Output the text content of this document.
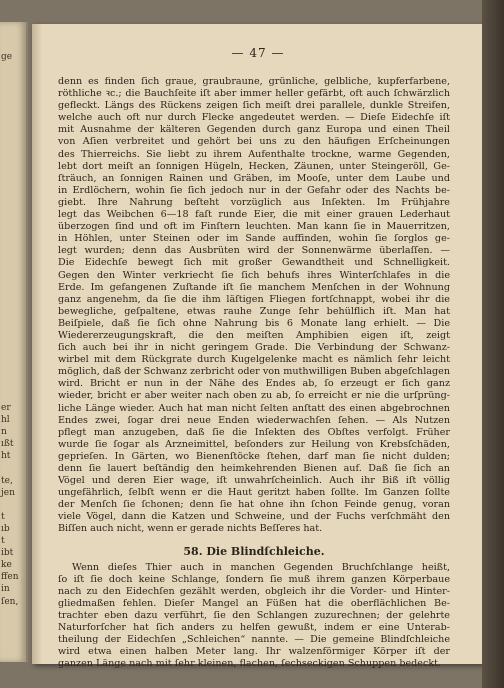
ge
er
hl
n
ıßt
ht
te,
jen
t
ıb
t
ibt
ke
ffen
in
ſen,
— 47 —
denn es finden ſich graue, graubraune, grünliche, gelbliche, kupferfarbene,
röthliche ꝛc.; die Bauchſeite iſt aber immer heller gefärbt, oft auch ſchwärzlich
gefleckt. Längs des Rückens zeigen ſich meiſt drei parallele, dunkle Streifen,
welche auch oft nur durch Flecke angedeutet werden. — Dieſe Eidechſe iſt
mit Ausnahme der kälteren Gegenden durch ganz Europa und einen Theil
von Aſien verbreitet und gehört bei uns zu den häufigen Erſcheinungen
des Thierreichs. Sie liebt zu ihrem Aufenthalte trockne, warme Gegenden,
lebt dort meiſt an ſonnigen Hügeln, Hecken, Zäunen, unter Steingeröll, Ge-
ſträuch, an ſonnigen Rainen und Gräben, im Mooſe, unter dem Laube und
in Erdlöchern, wohin ſie ſich jedoch nur in der Gefahr oder des Nachts be-
giebt. Ihre Nahrung beſteht vorzüglich aus Inſekten. Im Frühjahre
legt das Weibchen 6—18 faſt runde Eier, die mit einer grauen Lederhaut
überzogen ſind und oft im Finſtern leuchten. Man kann ſie in Mauerritzen,
in Höhlen, unter Steinen oder im Sande auffinden, wohin ſie ſorglos ge-
legt wurden; denn das Ausbrüten wird der Sonnenwärme überlaſſen. —
Die Eidechſe bewegt ſich mit großer Gewandtheit und Schnelligkeit.
Gegen den Winter verkriecht ſie ſich behufs ihres Winterſchlafes in die
Erde. Im gefangenen Zuſtande iſt ſie manchem Menſchen in der Wohnung
ganz angenehm, da ſie die ihm läſtigen Fliegen fortſchnappt, wobei ihr die
bewegliche, geſpaltene, etwas rauhe Zunge ſehr behülflich iſt. Man hat
Beiſpiele, daß ſie ſich ohne Nahrung bis 6 Monate lang erhielt. — Die
Wiedererzeugungskraft, die den meiſten Amphibien eigen iſt, zeigt
ſich auch bei ihr in nicht geringem Grade. Die Verbindung der Schwanz-
wirbel mit dem Rückgrate durch Kugelgelenke macht es nämlich ſehr leicht
möglich, daß der Schwanz zerbricht oder von muthwilligen Buben abgeſchlagen
wird. Bricht er nun in der Nähe des Endes ab, ſo erzeugt er ſich ganz
wieder, bricht er aber weiter nach oben zu ab, ſo erreicht er nie die urſprüng-
liche Länge wieder. Auch hat man nicht ſelten anſtatt des einen abgebrochnen
Endes zwei, ſogar drei neue Enden wiederwachſen ſehen. — Als Nutzen
pflegt man anzugeben, daß ſie die Inſekten des Obſtes verfolgt. Früher
wurde ſie ſogar als Arzneimittel, beſonders zur Heilung von Krebsſchäden,
geprieſen. In Gärten, wo Bienenſtöcke ſtehen, darf man ſie nicht dulden;
denn ſie lauert beſtändig den heimkehrenden Bienen auf. Daß ſie ſich an
Vögel und deren Eier wage, iſt unwahrſcheinlich. Auch ihr Biß iſt völlig
ungefährlich, ſelbſt wenn er die Haut geritzt haben ſollte. Im Ganzen ſollte
der Menſch ſie ſchonen; denn ſie hat ohne ihn ſchon Feinde genug, voran
viele Vögel, dann die Katzen und Schweine, und der Fuchs verſchmäht den
Biſſen auch nicht, wenn er gerade nichts Beſſeres hat.
58. Die Blindſchleiche.
Wenn dieſes Thier auch in manchen Gegenden Bruchſchlange heißt,
ſo iſt ſie doch keine Schlange, ſondern ſie muß ihrem ganzen Körperbaue
nach zu den Eidechſen gezählt werden, obgleich ihr die Vorder- und Hinter-
gliedmaßen fehlen. Dieſer Mangel an Füßen hat die oberflächlichen Be-
trachter eben dazu verführt, ſie den Schlangen zuzurechnen; der gelehrte
Naturforſcher hat ſich anders zu helfen gewußt, indem er eine Unterab-
theilung der Eidechſen „Schleichen“ nannte. — Die gemeine Blindſchleiche
wird etwa einen halben Meter lang. Ihr walzenförmiger Körper iſt der
ganzen Länge nach mit ſehr kleinen, flachen, ſechseckigen Schuppen bedeckt.
